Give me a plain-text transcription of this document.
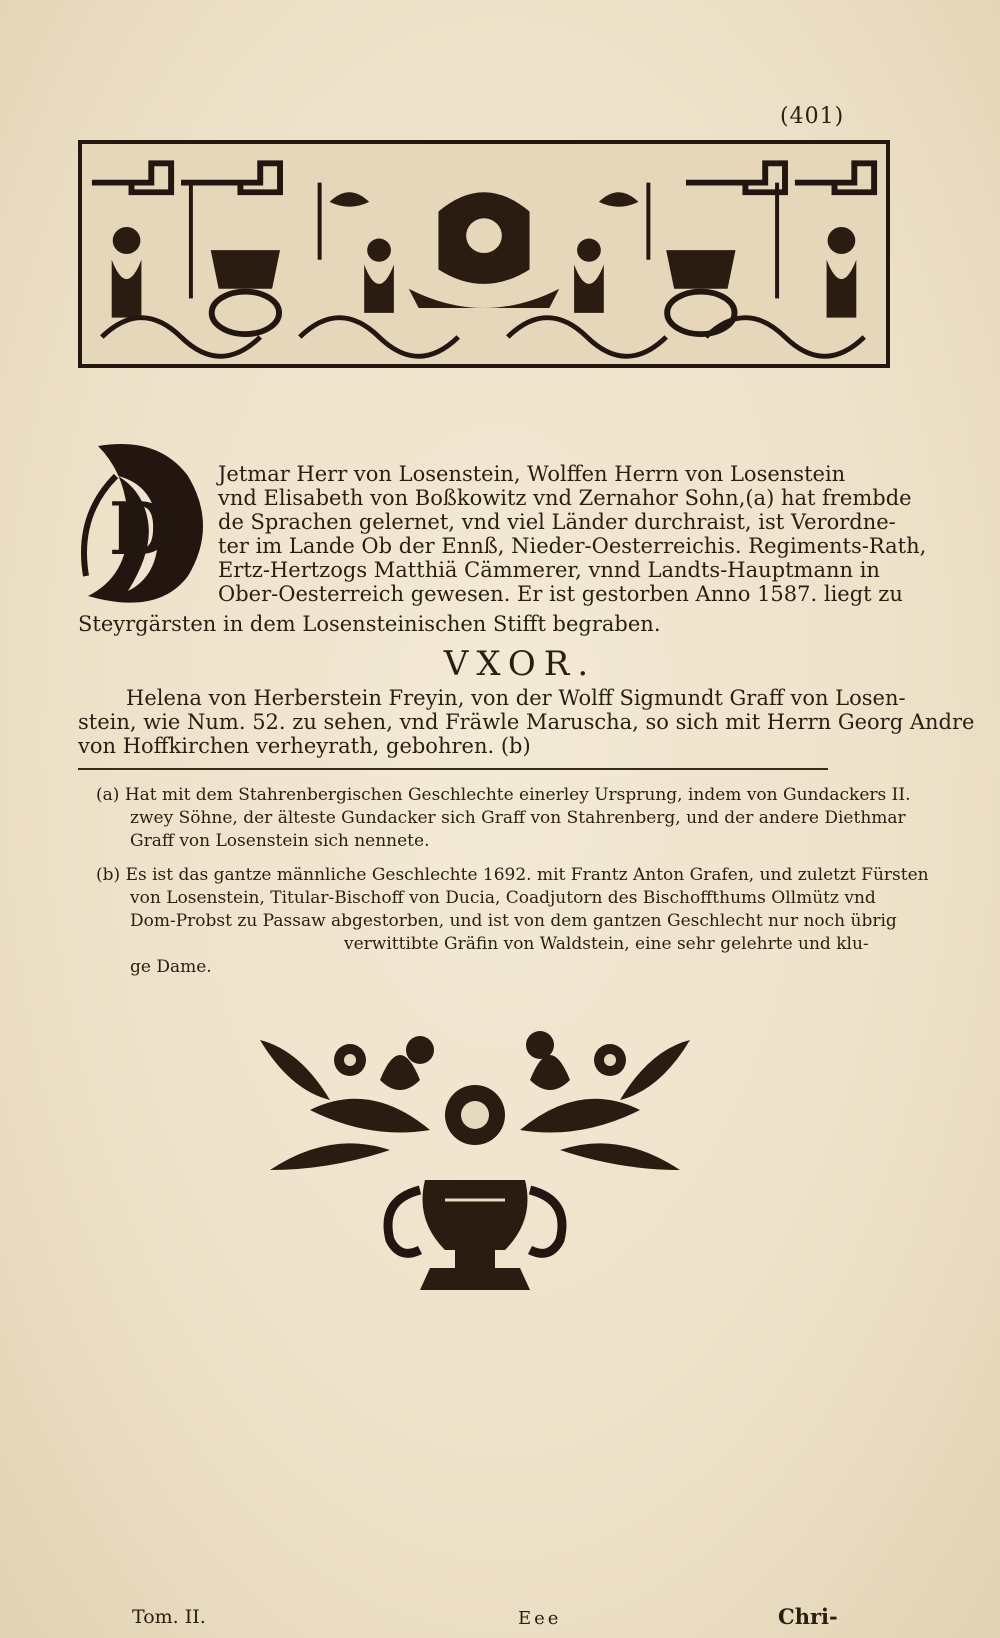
(401)
D
Jetmar Herr von Losenstein, Wolffen Herrn von Losenstein
vnd Elisabeth von Boßkowitz vnd Zernahor Sohn,(a) hat frembde
de Sprachen gelernet, vnd viel Länder durchraist, ist Verordne-
ter im Lande Ob der Ennß, Nieder-Oesterreichis. Regiments-Rath,
Ertz-Hertzogs Matthiä Cämmerer, vnnd Landts-Hauptmann in
Ober-Oesterreich gewesen. Er ist gestorben Anno 1587. liegt zu
Steyrgärsten in dem Losensteinischen Stifft begraben.
VXOR.
Helena von Herberstein Freyin, von der Wolff Sigmundt Graff von Losen-
stein, wie Num. 52. zu sehen, vnd Fräwle Maruscha, so sich mit Herrn Georg Andre
von Hoffkirchen verheyrath, gebohren. (b)
(a) Hat mit dem Stahrenbergischen Geschlechte einerley Ursprung, indem von Gundackers II.
zwey Söhne, der älteste Gundacker sich Graff von Stahrenberg, und der andere Diethmar
Graff von Losenstein sich nennete.
(b) Es ist das gantze männliche Geschlechte 1692. mit Frantz Anton Grafen, und zuletzt Fürsten
von Losenstein, Titular-Bischoff von Ducia, Coadjutorn des Bischoffthums Ollmütz vnd
Dom-Probst zu Passaw abgestorben, und ist von dem gantzen Geschlecht nur noch übrig
verwittibte Gräfin von Waldstein, eine sehr gelehrte und klu-
ge Dame.
Tom. II.	Eee	Chri-
